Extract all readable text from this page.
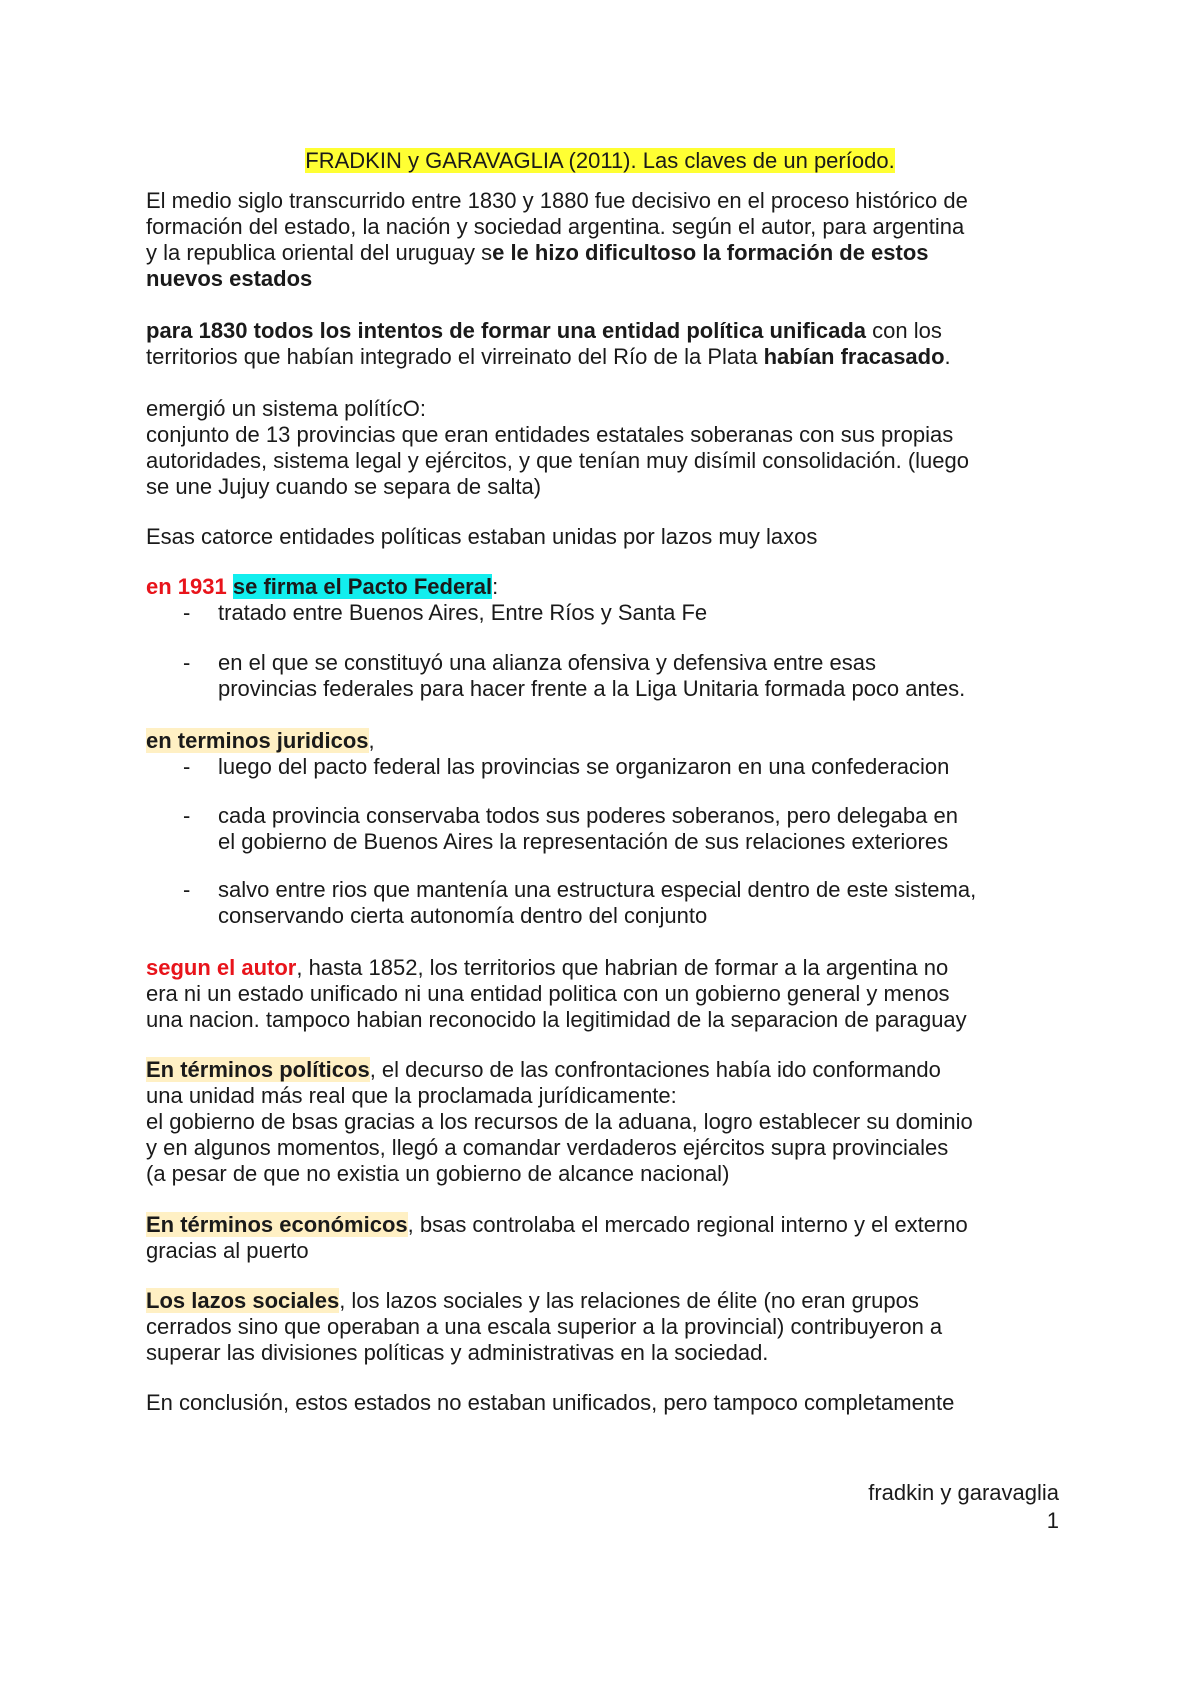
FRADKIN y GARAVAGLIA (2011). Las claves de un período.
El medio siglo transcurrido entre 1830 y 1880 fue decisivo en el proceso histórico de
formación del estado, la nación y sociedad argentina. según el autor, para argentina
y la republica oriental del uruguay se le hizo dificultoso la formación de estos
nuevos estados
para 1830 todos los intentos de formar una entidad política unificada con los
territorios que habían integrado el virreinato del Río de la Plata habían fracasado.
emergió un sistema polítícO:
conjunto de 13 provincias que eran entidades estatales soberanas con sus propias
autoridades, sistema legal y ejércitos, y que tenían muy disímil consolidación. (luego
se une Jujuy cuando se separa de salta)
Esas catorce entidades políticas estaban unidas por lazos muy laxos
en 1931 se firma el Pacto Federal:
- tratado entre Buenos Aires, Entre Ríos y Santa Fe
- en el que se constituyó una alianza ofensiva y defensiva entre esas
provincias federales para hacer frente a la Liga Unitaria formada poco antes.
en terminos juridicos,
- luego del pacto federal las provincias se organizaron en una confederacion
- cada provincia conservaba todos sus poderes soberanos, pero delegaba en
el gobierno de Buenos Aires la representación de sus relaciones exteriores
- salvo entre rios que mantenía una estructura especial dentro de este sistema,
conservando cierta autonomía dentro del conjunto
segun el autor, hasta 1852, los territorios que habrian de formar a la argentina no
era ni un estado unificado ni una entidad politica con un gobierno general y menos
una nacion. tampoco habian reconocido la legitimidad de la separacion de paraguay
En términos políticos, el decurso de las confrontaciones había ido conformando
una unidad más real que la proclamada jurídicamente:
el gobierno de bsas gracias a los recursos de la aduana, logro establecer su dominio
y en algunos momentos, llegó a comandar verdaderos ejércitos supra provinciales
(a pesar de que no existia un gobierno de alcance nacional)
En términos económicos, bsas controlaba el mercado regional interno y el externo
gracias al puerto
Los lazos sociales, los lazos sociales y las relaciones de élite (no eran grupos
cerrados sino que operaban a una escala superior a la provincial) contribuyeron a
superar las divisiones políticas y administrativas en la sociedad.
En conclusión, estos estados no estaban unificados, pero tampoco completamente
fradkin y garavaglia
1
